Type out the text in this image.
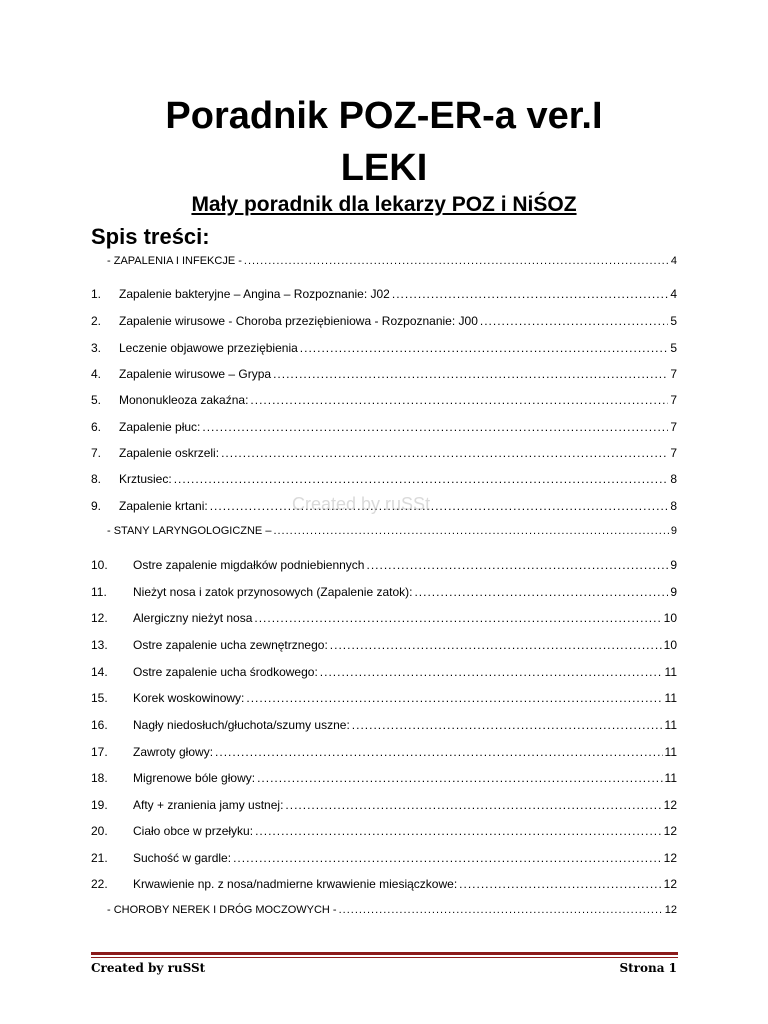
Poradnik POZ-ER-a ver.I
LEKI
Mały poradnik dla lekarzy POZ i NiŚOZ
Spis treści:
- ZAPALENIA I INFEKCJE - .....	4
1.	Zapalenie bakteryjne – Angina – Rozpoznanie: J02 .....	4
2.	Zapalenie wirusowe - Choroba przeziębieniowa - Rozpoznanie: J00 .....	5
3.	Leczenie objawowe przeziębienia .....	5
4.	Zapalenie wirusowe – Grypa .....	7
5.	Mononukleoza zakaźna: .....	7
6.	Zapalenie płuc: .....	7
7.	Zapalenie oskrzeli: .....	7
8.	Krztusiec: .....	8
9.	Zapalenie krtani: .....	8
- STANY LARYNGOLOGICZNE – .....	9
10.	Ostre zapalenie migdałków podniebiennych .....	9
11.	Nieżyt nosa i zatok przynosowych (Zapalenie zatok): .....	9
12.	Alergiczny nieżyt nosa .....	10
13.	Ostre zapalenie ucha zewnętrznego: .....	10
14.	Ostre zapalenie ucha środkowego: .....	11
15.	Korek woskowinowy: .....	11
16.	Nagły niedosłuch/głuchota/szumy uszne: .....	11
17.	Zawroty głowy: .....	11
18.	Migrenowe bóle głowy: .....	11
19.	Afty + zranienia jamy ustnej: .....	12
20.	Ciało obce w przełyku: .....	12
21.	Suchość w gardle: .....	12
22.	Krwawienie np. z nosa/nadmierne krwawienie miesiączkowe: .....	12
- CHOROBY NEREK I DRÓG MOCZOWYCH - .....	12
Created by ruSSt
Created by ruSSt	Strona 1
